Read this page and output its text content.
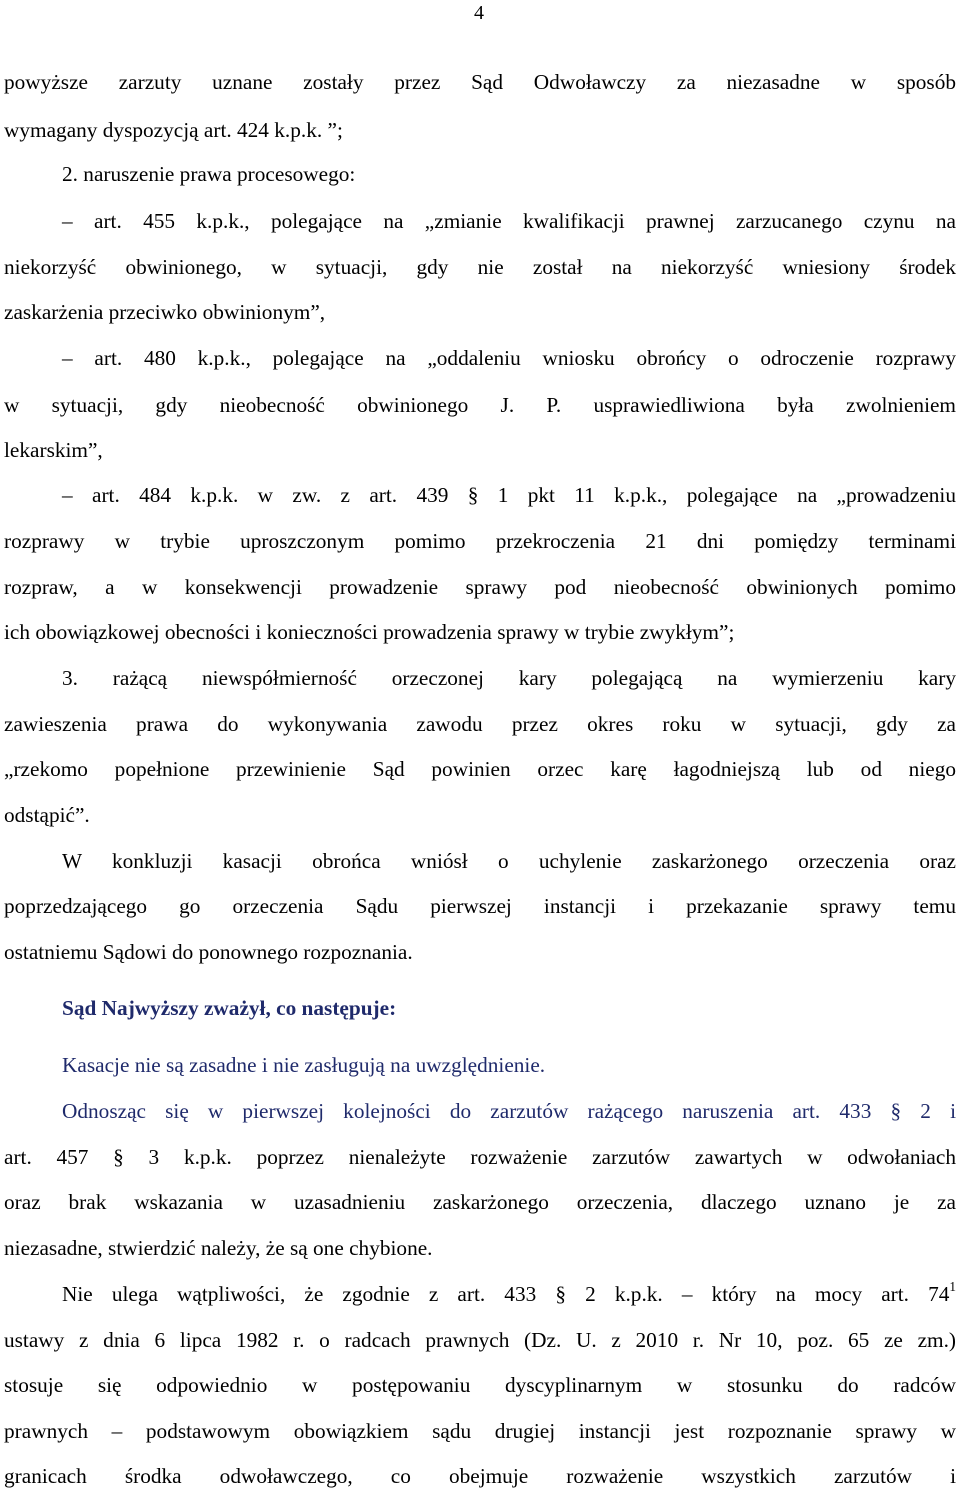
4
powyższe zarzuty uznane zostały przez Sąd Odwoławczy za niezasadne w sposób
wymagany dyspozycją art. 424 k.p.k. ”;
2. naruszenie prawa procesowego:
– art. 455 k.p.k., polegające na „zmianie kwalifikacji prawnej zarzucanego czynu na
niekorzyść obwinionego, w sytuacji, gdy nie został na niekorzyść wniesiony środek
zaskarżenia przeciwko obwinionym”,
– art. 480 k.p.k., polegające na „oddaleniu wniosku obrońcy o odroczenie rozprawy
w sytuacji, gdy nieobecność obwinionego J. P. usprawiedliwiona była zwolnieniem
lekarskim”,
– art. 484 k.p.k. w zw. z art. 439 § 1 pkt 11 k.p.k., polegające na „prowadzeniu
rozprawy w trybie uproszczonym pomimo przekroczenia 21 dni pomiędzy terminami
rozpraw, a w konsekwencji prowadzenie sprawy pod nieobecność obwinionych pomimo
ich obowiązkowej obecności i konieczności prowadzenia sprawy w trybie zwykłym”;
3. rażącą niewspółmierność orzeczonej kary polegającą na wymierzeniu kary
zawieszenia prawa do wykonywania zawodu przez okres roku w sytuacji, gdy za
„rzekomo popełnione przewinienie Sąd powinien orzec karę łagodniejszą lub od niego
odstąpić”.
W konkluzji kasacji obrońca wniósł o uchylenie zaskarżonego orzeczenia oraz
poprzedzającego go orzeczenia Sądu pierwszej instancji i przekazanie sprawy temu
ostatniemu Sądowi do ponownego rozpoznania.
Sąd Najwyższy zważył, co następuje:
Kasacje nie są zasadne i nie zasługują na uwzględnienie.
Odnosząc się w pierwszej kolejności do zarzutów rażącego naruszenia art. 433 § 2 i
art. 457 § 3 k.p.k. poprzez nienależyte rozważenie zarzutów zawartych w odwołaniach
oraz brak wskazania w uzasadnieniu zaskarżonego orzeczenia, dlaczego uznano je za
niezasadne, stwierdzić należy, że są one chybione.
Nie ulega wątpliwości, że zgodnie z art. 433 § 2 k.p.k. – który na mocy art. $74^1$
ustawy z dnia 6 lipca 1982 r. o radcach prawnych (Dz. U. z 2010 r. Nr 10, poz. 65 ze zm.)
stosuje się odpowiednio w postępowaniu dyscyplinarnym w stosunku do radców
prawnych – podstawowym obowiązkiem sądu drugiej instancji jest rozpoznanie sprawy w
granicach środka odwoławczego, co obejmuje rozważenie wszystkich zarzutów i
